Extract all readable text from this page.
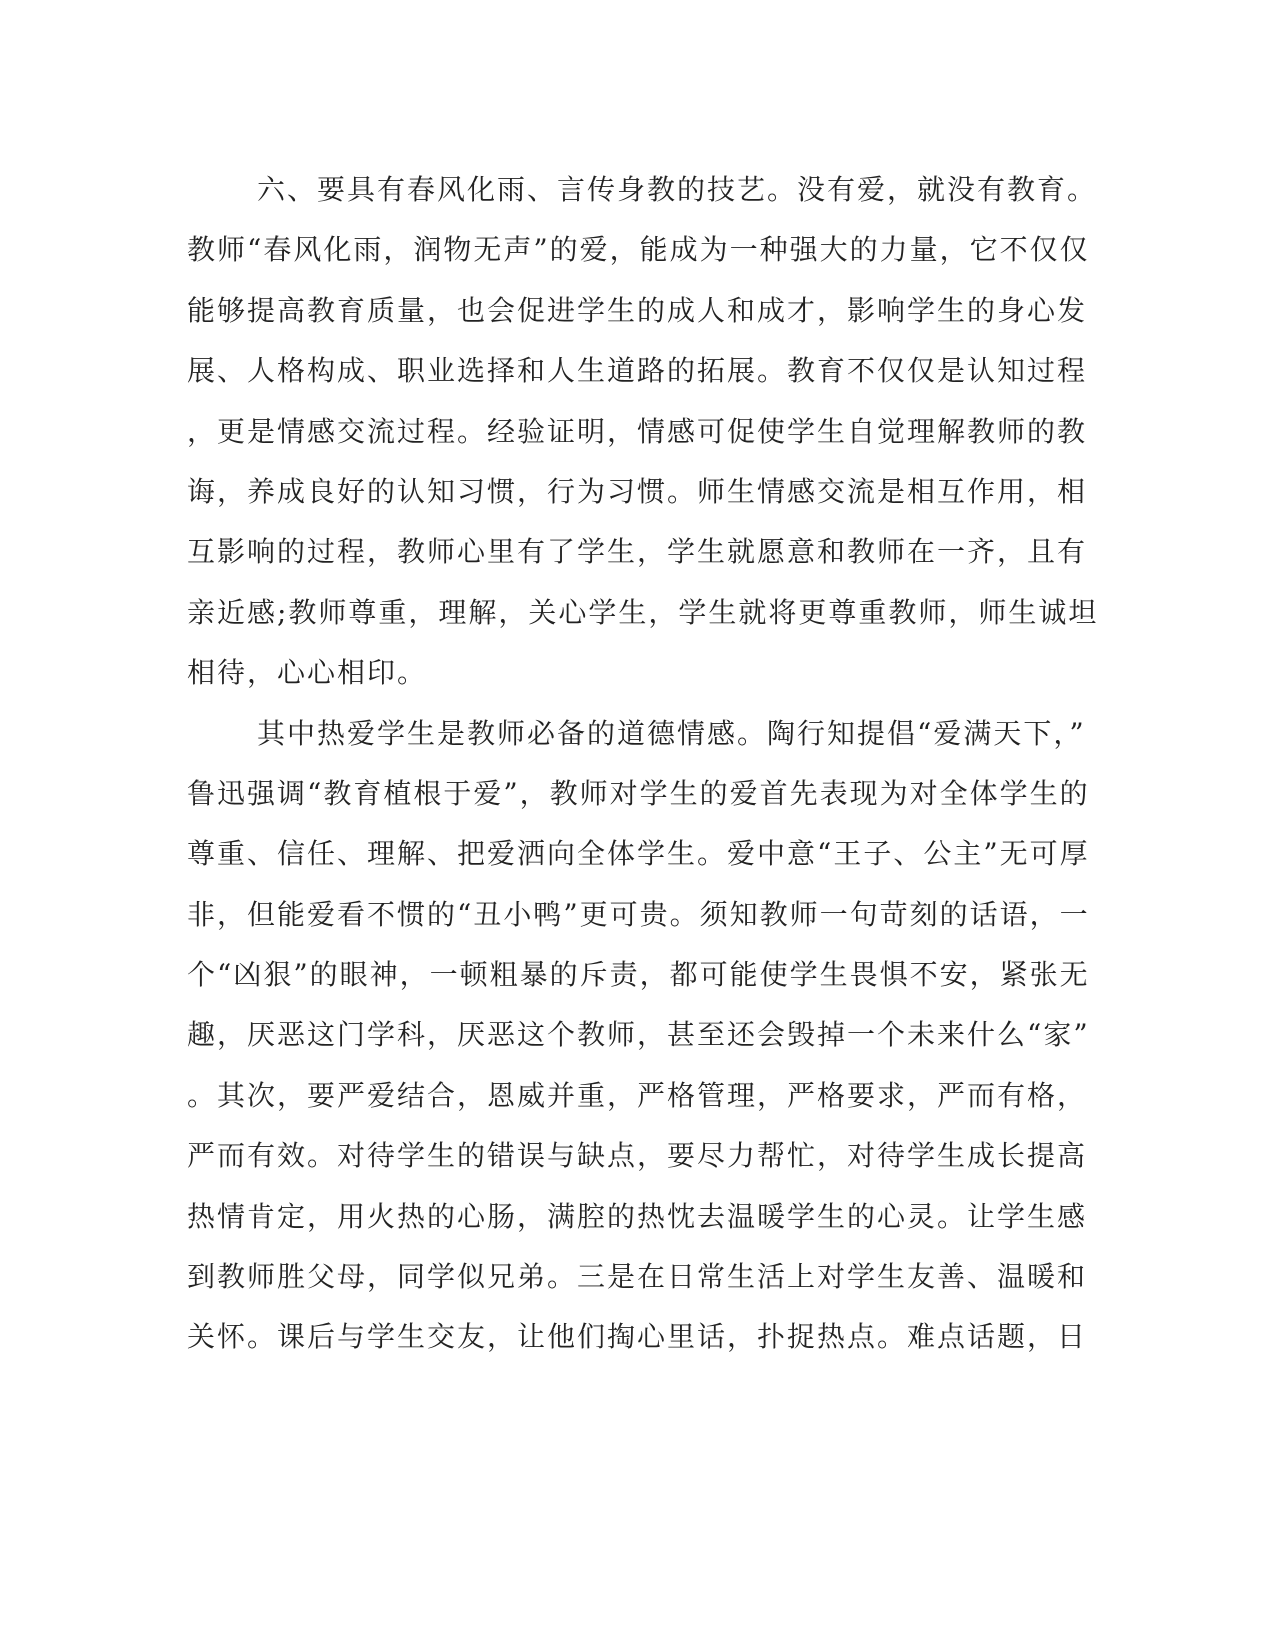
六、要具有春风化雨、言传身教的技艺。没有爱，就没有教育。
教师“春风化雨，润物无声”的爱，能成为一种强大的力量，它不仅仅
能够提高教育质量，也会促进学生的成人和成才，影响学生的身心发
展、人格构成、职业选择和人生道路的拓展。教育不仅仅是认知过程
，更是情感交流过程。经验证明，情感可促使学生自觉理解教师的教
诲，养成良好的认知习惯，行为习惯。师生情感交流是相互作用，相
互影响的过程，教师心里有了学生，学生就愿意和教师在一齐，且有
亲近感;教师尊重，理解，关心学生，学生就将更尊重教师，师生诚坦
相待，心心相印。
其中热爱学生是教师必备的道德情感。陶行知提倡“爱满天下，”
鲁迅强调“教育植根于爱”，教师对学生的爱首先表现为对全体学生的
尊重、信任、理解、把爱洒向全体学生。爱中意“王子、公主”无可厚
非，但能爱看不惯的“丑小鸭”更可贵。须知教师一句苛刻的话语，一
个“凶狠”的眼神，一顿粗暴的斥责，都可能使学生畏惧不安，紧张无
趣，厌恶这门学科，厌恶这个教师，甚至还会毁掉一个未来什么“家”
。其次，要严爱结合，恩威并重，严格管理，严格要求，严而有格，
严而有效。对待学生的错误与缺点，要尽力帮忙，对待学生成长提高
热情肯定，用火热的心肠，满腔的热忱去温暖学生的心灵。让学生感
到教师胜父母，同学似兄弟。三是在日常生活上对学生友善、温暖和
关怀。课后与学生交友，让他们掏心里话，扑捉热点。难点话题，日
